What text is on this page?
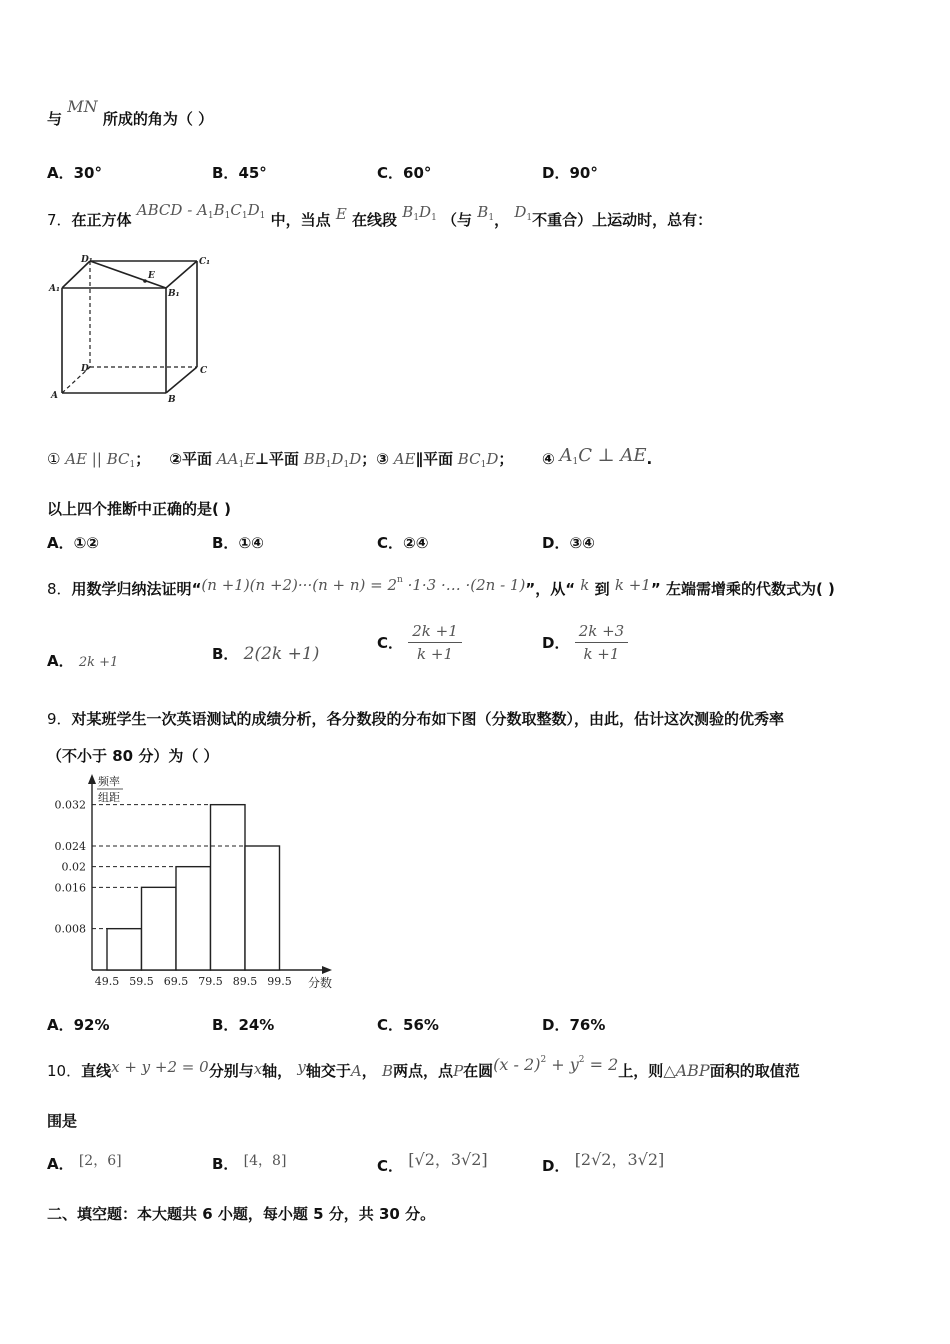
与 MN 所成的角为（ ）
A．30°	B．45°	C．60°	D．90°
7．在正方体 ABCD - $A_1B_1C_1D_1$ 中，当点 E 在线段 $B_1D_1$ （与 $B_1$， $D_1$不重合）上运动时，总有：
D₁	C₁
A₁	B₁
E
D	C
A	B
① AE || $BC_1$； ②平面 $AA_1E\perp$平面 $BB_1D_1D$；③ AE∥平面 $BC_1D$； ④ $A_1C$ ⊥ AE.
以上四个推断中正确的是( )
A．①②	B．①④	C．②④	D．③④
8．用数学归纳法证明“$(n +1)(n +2)\cdot\cdot\cdot(n + n) = 2^n \cdot 1\cdot 3$ ·… ·(2n - 1)”，从“ k 到 k +1” 左端需增乘的代数式为( )
A． 2k +1	B． 2(2k +1)
C． $\frac{2k +1}{k +1}$	D． $\frac{2k +3}{k +1}$
9．对某班学生一次英语测试的成绩分析，各分数段的分布如下图（分数取整数），由此，估计这次测验的优秀率
（不小于 80 分）为（ ）
频率
组距
分数
0.032
0.024
0.02
0.016
0.008
49.5 59.5 69.5 79.5 89.5 99.5
A．92%	B．24%	C．56%	D．76%
10．直线x + y +2 = 0分别与x轴， y轴交于A， B两点，点P在圆$(x - 2)^2 + y^2 = 2$上，则△ABP面积的取值范
围是
A． [2，6]	B． [4，8]	C． [√2，3√2]	D． [2√2，3√2]
二、填空题：本大题共 6 小题，每小题 5 分，共 30 分。
